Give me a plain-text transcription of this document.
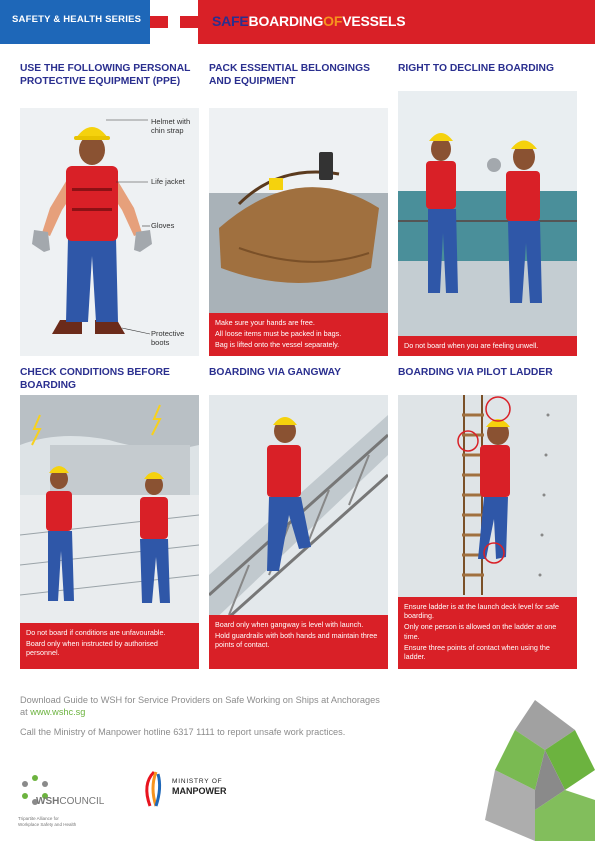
SAFETY & HEALTH SERIES	SAFEBOARDINGOFVESSELS
USE THE FOLLOWING PERSONAL PROTECTIVE EQUIPMENT (PPE)
Helmet with chin strap
Life jacket
Gloves
Protective boots
PACK ESSENTIAL BELONGINGS AND EQUIPMENT

Make sure your hands are free.

All loose items must be packed in bags.

Bag is lifted onto the vessel separately.

RIGHT TO DECLINE BOARDING

Do not board when you are feeling unwell.

CHECK CONDITIONS BEFORE BOARDING

Do not board if conditions are unfavourable.

Board only when instructed by authorised personnel.

BOARDING VIA GANGWAY

Board only when gangway is level with launch.

Hold guardrails with both hands and maintain three points of contact.

BOARDING VIA PILOT LADDER

Ensure ladder is at the launch deck level for safe boarding.

Only one person is allowed on the ladder at one time.

Ensure three points of contact when using the ladder.

Download Guide to WSH for Service Providers on Safe Working on Ships at Anchorages at www.wshc.sg
Call the Ministry of Manpower hotline 6317 1111 to report unsafe work practices.
WSHCOUNCIL
Tripartite Alliance for
Workplace Safety and Health
MINISTRY OF
MANPOWER
